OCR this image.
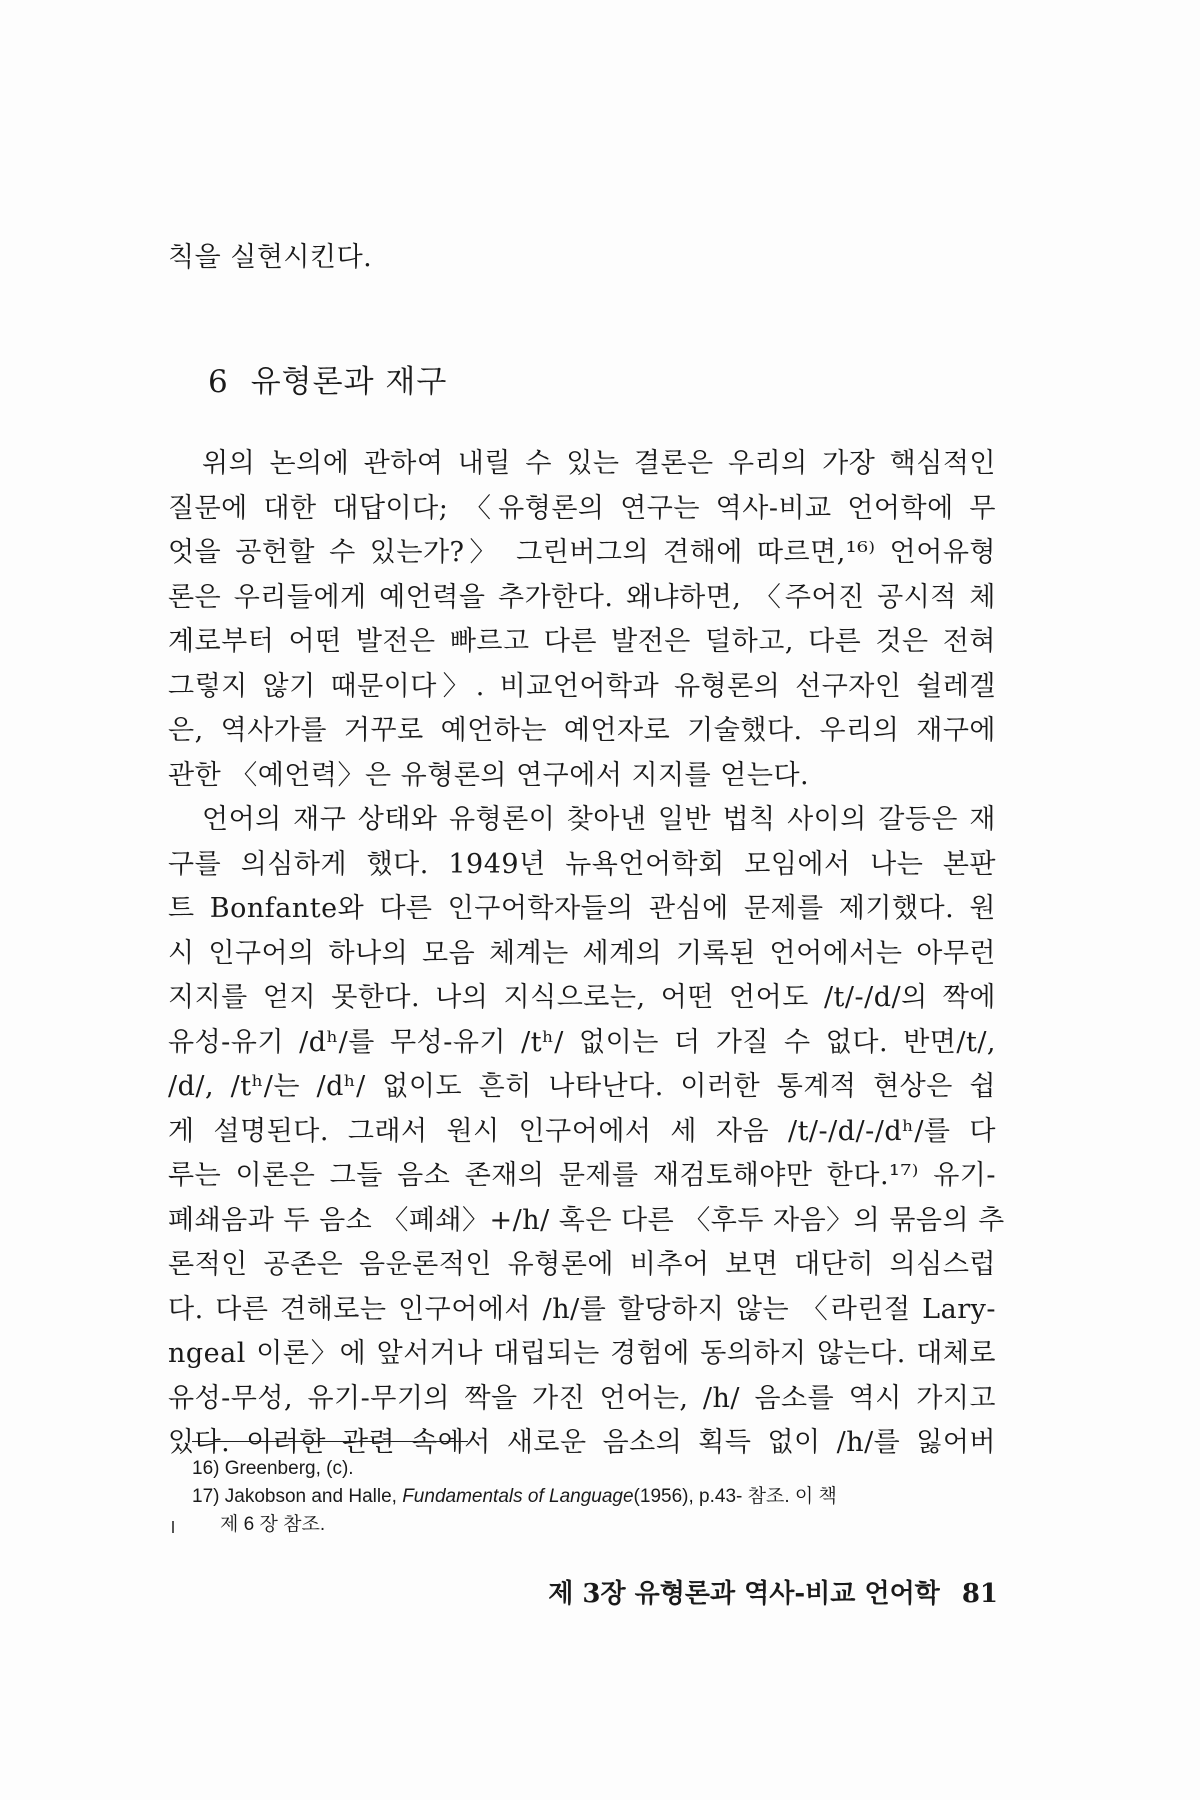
칙을 실현시킨다.
6 유형론과 재구
위의 논의에 관하여 내릴 수 있는 결론은 우리의 가장 핵심적인
질문에 대한 대답이다; 〈유형론의 연구는 역사-비교 언어학에 무
엇을 공헌할 수 있는가?〉 그린버그의 견해에 따르면,¹⁶⁾ 언어유형
론은 우리들에게 예언력을 추가한다. 왜냐하면, 〈주어진 공시적 체
계로부터 어떤 발전은 빠르고 다른 발전은 덜하고, 다른 것은 전혀
그렇지 않기 때문이다〉. 비교언어학과 유형론의 선구자인 쉴레겔
은, 역사가를 거꾸로 예언하는 예언자로 기술했다. 우리의 재구에
관한 〈예언력〉은 유형론의 연구에서 지지를 얻는다.
언어의 재구 상태와 유형론이 찾아낸 일반 법칙 사이의 갈등은 재
구를 의심하게 했다. 1949년 뉴욕언어학회 모임에서 나는 본판
트 Bonfante와 다른 인구어학자들의 관심에 문제를 제기했다. 원
시 인구어의 하나의 모음 체계는 세계의 기록된 언어에서는 아무런
지지를 얻지 못한다. 나의 지식으로는, 어떤 언어도 /t/-/d/의 짝에
유성-유기 /dʰ/를 무성-유기 /tʰ/ 없이는 더 가질 수 없다. 반면/t/,
/d/, /tʰ/는 /dʰ/ 없이도 흔히 나타난다. 이러한 통계적 현상은 쉽
게 설명된다. 그래서 원시 인구어에서 세 자음 /t/-/d/-/dʰ/를 다
루는 이론은 그들 음소 존재의 문제를 재검토해야만 한다.¹⁷⁾ 유기-
폐쇄음과 두 음소 〈폐쇄〉+/h/ 혹은 다른 〈후두 자음〉의 묶음의 추
론적인 공존은 음운론적인 유형론에 비추어 보면 대단히 의심스럽
다. 다른 견해로는 인구어에서 /h/를 할당하지 않는 〈라린절 Lary-
ngeal 이론〉에 앞서거나 대립되는 경험에 동의하지 않는다. 대체로
유성-무성, 유기-무기의 짝을 가진 언어는, /h/ 음소를 역시 가지고
있다. 이러한 관련 속에서 새로운 음소의 획득 없이 /h/를 잃어버
16) Greenberg, (c).
17) Jakobson and Halle, Fundamentals of Language(1956), p.43- 참조. 이 책
제 6 장 참조.
제 3장 유형론과 역사-비교 언어학 81
